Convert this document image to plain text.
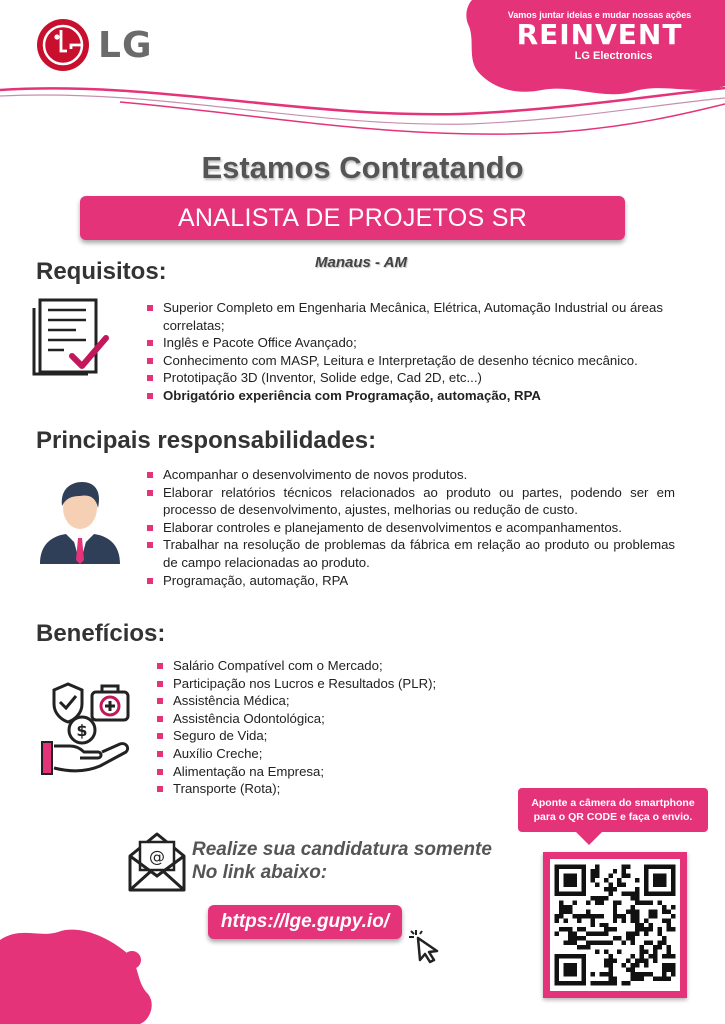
LG
Vamos juntar ideias e mudar nossas ações
REINVENT
LG Electronics
Estamos Contratando
ANALISTA DE PROJETOS SR
Manaus - AM
Requisitos:
Superior Completo em Engenharia Mecânica, Elétrica, Automação Industrial ou áreas correlatas;
Inglês e Pacote Office Avançado;
Conhecimento com MASP, Leitura e Interpretação de desenho técnico mecânico.
Prototipação 3D (Inventor, Solide edge, Cad 2D, etc...)
Obrigatório experiência com Programação, automação, RPA
Principais responsabilidades:
Acompanhar o desenvolvimento de novos produtos.
Elaborar relatórios técnicos relacionados ao produto ou partes, podendo ser em processo de desenvolvimento, ajustes, melhorias ou redução de custo.
Elaborar controles e planejamento de desenvolvimentos e acompanhamentos.
Trabalhar na resolução de problemas da fábrica em relação ao produto ou problemas de campo relacionadas ao produto.
Programação, automação, RPA
Benefícios:
$
Salário Compatível com o Mercado;
Participação nos Lucros e Resultados (PLR);
Assistência Médica;
Assistência Odontológica;
Seguro de Vida;
Auxílio Creche;
Alimentação na Empresa;
Transporte (Rota);
Aponte a câmera do smartphone
para o QR CODE e faça o envio.
@ Realize sua candidatura somente
No link abaixo:
https://lge.gupy.io/
